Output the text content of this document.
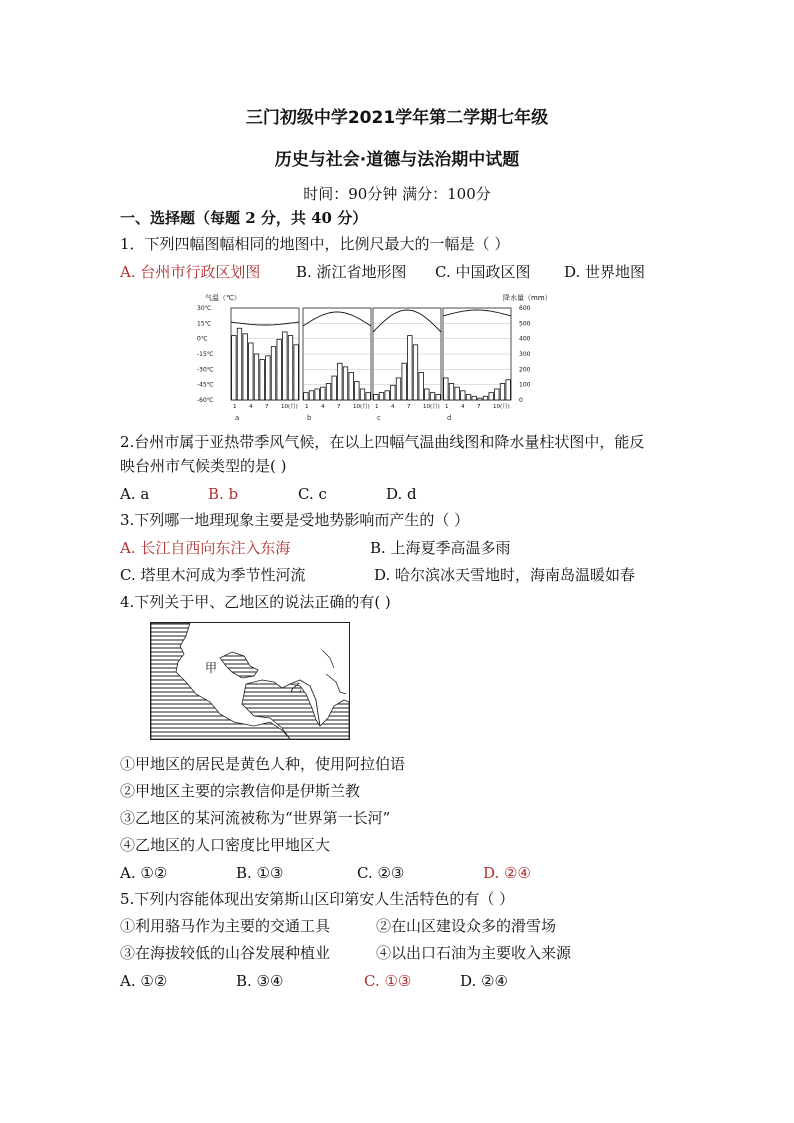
三门初级中学2021学年第二学期七年级
历史与社会·道德与法治期中试题
时间：90分钟 满分：100分
一、选择题（每题 2 分，共 40 分）
1．下列四幅图幅相同的地图中，比例尺最大的一幅是（ ）
A. 台州市行政区划图 B. 浙江省地形图 C. 中国政区图 D. 世界地图
气温（℃）	降水量（mm）
30℃
15℃
0℃
-15℃
-30℃
-45℃
-60℃
600
500
400
300
200
100
0
1 4 7 10(月)
a
1 4 7 10(月)
b
1 4 7 10(月)
c
1 4 7 10(月)
d
2.台州市属于亚热带季风气候，在以上四幅气温曲线图和降水量柱状图中，能反
映台州市气候类型的是( )
A. a	B. b	C. c	D. d
3.下列哪一地理现象主要是受地势影响而产生的（ ）
A. 长江自西向东注入东海	B. 上海夏季高温多雨
C. 塔里木河成为季节性河流	D. 哈尔滨冰天雪地时，海南岛温暖如春
4.下列关于甲、乙地区的说法正确的有( )
甲
乙
①甲地区的居民是黄色人种，使用阿拉伯语
②甲地区主要的宗教信仰是伊斯兰教
③乙地区的某河流被称为“世界第一长河”
④乙地区的人口密度比甲地区大
A. ①②	B. ①③	C. ②③	D. ②④
5.下列内容能体现出安第斯山区印第安人生活特色的有（ ）
①利用骆马作为主要的交通工具	②在山区建设众多的滑雪场
③在海拔较低的山谷发展种植业	④以出口石油为主要收入来源
A. ①②	B. ③④	C. ①③	D. ②④
